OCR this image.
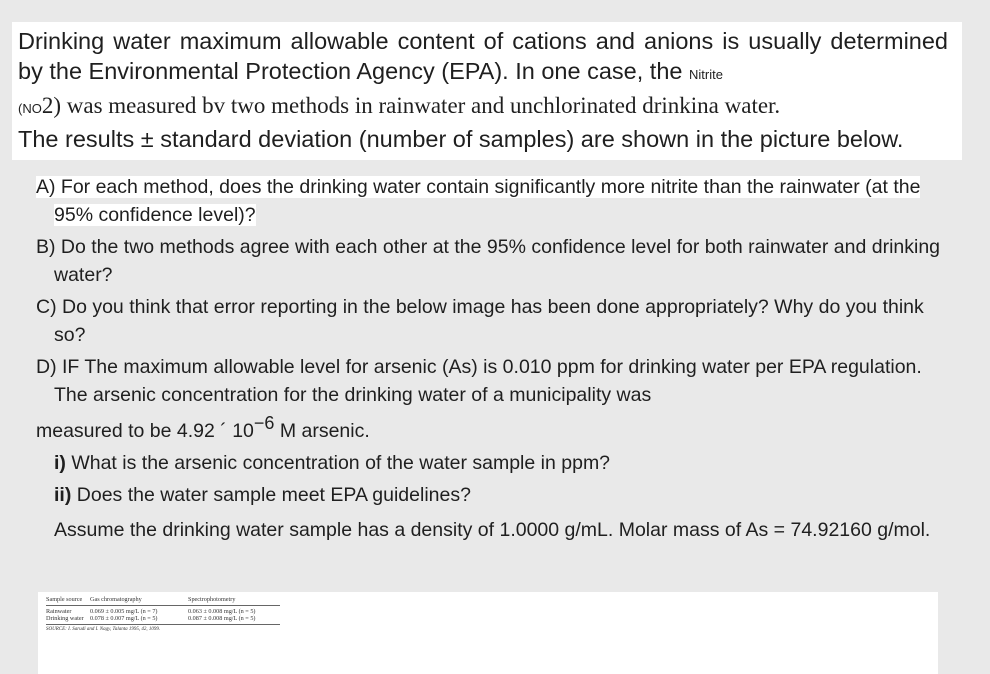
Drinking water maximum allowable content of cations and anions is usually determined by the Environmental Protection Agency (EPA). In one case, the Nitrite
(NO2) was measured bv two methods in rainwater and unchlorinated drinkina water.
The results ± standard deviation (number of samples) are shown in the picture below.

A) For each method, does the drinking water contain significantly more nitrite than the rainwater (at the 95% confidence level)?

B) Do the two methods agree with each other at the 95% confidence level for both rainwater and drinking water?

C) Do you think that error reporting in the below image has been done appropriately? Why do you think so?

D) IF The maximum allowable level for arsenic (As) is 0.010 ppm for drinking water per EPA regulation. The arsenic concentration for the drinking water of a municipality was
measured to be 4.92 ´ 10−6 M arsenic.

i) What is the arsenic concentration of the water sample in ppm?

ii) Does the water sample meet EPA guidelines?

Assume the drinking water sample has a density of 1.0000 g/mL. Molar mass of As = 74.92160 g/mol.

Sample source	Gas chromatography	Spectrophotometry
Rainwater	0.069 ± 0.005 mg/L (n = 7)	0.063 ± 0.008 mg/L (n = 5)
Drinking water	0.078 ± 0.007 mg/L (n = 5)	0.087 ± 0.008 mg/L (n = 5)
SOURCE: I. Sarudi and I. Nagy, Talanta 1995, 42, 1099.
